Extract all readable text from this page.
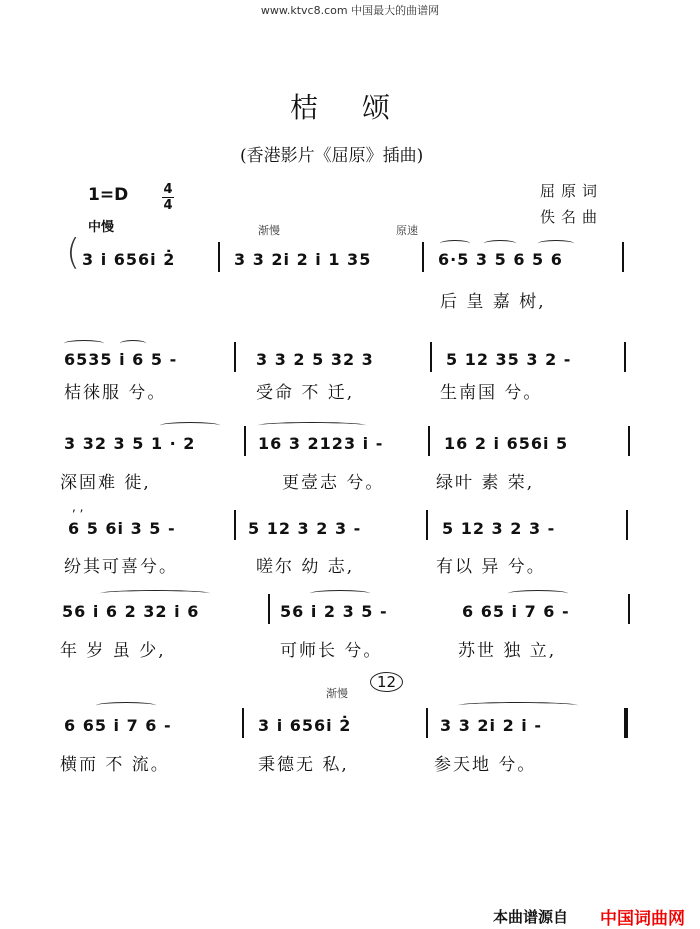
www.ktvc8.com 中国最大的曲谱网
桔颂
(香港影片《屈原》插曲)
1=D	4
4
屈原词
佚名曲
中慢	渐慢	原速
渐慢
12
( 3 i 656i 2̇	3 3 2i 2 i 1 35	6·5 3 5 6 5 6
后 皇 嘉 树,
6535 i 6 5 -	3 3 2 5 32 3	5 12 35 3 2 -
桔徕服 兮。	受命 不 迁,	生南国 兮。
3 32 3 5 1 · 2	16 3 2123 i -	16 2 i 656i 5
深固难 徙,	更壹志 兮。	绿叶 素 荣,
6 5 6i 3 5 -	5 12 3 2 3 -	5 12 3 2 3 -
纷其可喜兮。	嗟尔 幼 志,	有以 异 兮。
, ,
56 i 6 2 32 i 6	56 i 2 3 5 -	6 65 i 7 6 -
年 岁 虽 少,	可师长 兮。	苏世 独 立,
6 65 i 7 6 -	3 i 656i 2̇	3 3 2i 2 i -
横而 不 流。	秉德无 私,	参天地 兮。
本曲谱源自 中国词曲网
